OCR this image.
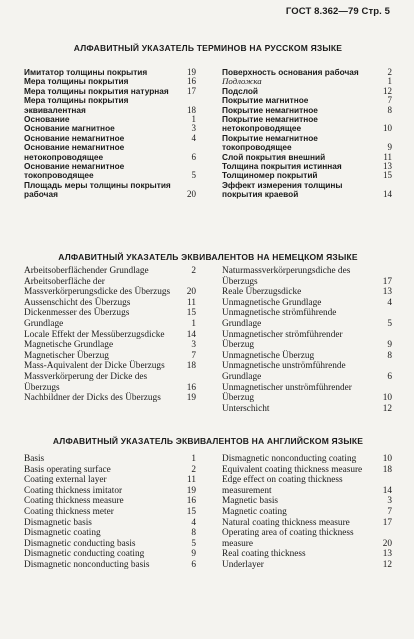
ГОСТ 8.362—79 Стр. 5
АЛФАВИТНЫЙ УКАЗАТЕЛЬ ТЕРМИНОВ НА РУССКОМ ЯЗЫКЕ
Имитатор толщины покрытия	19
Мера толщины покрытия	16
Мера толщины покрытия натурная	17
Мера толщины покрытия эквивалентная	18
Основание	1
Основание магнитное	3
Основание немагнитное	4
Основание немагнитное нетокопроводящее	6
Основание немагнитное токопроводящее	5
Площадь меры толщины покрытия рабочая	20
Поверхность основания рабочая	2
Подложка	1
Подслой	12
Покрытие магнитное	7
Покрытие немагнитное	8
Покрытие немагнитное нетокопроводящее	10
Покрытие немагнитное токопроводящее	9
Слой покрытия внешний	11
Толщина покрытия истинная	13
Толщиномер покрытий	15
Эффект измерения толщины покрытия краевой	14
АЛФАВИТНЫЙ УКАЗАТЕЛЬ ЭКВИВАЛЕНТОВ НА НЕМЕЦКОМ ЯЗЫКЕ
Arbeitsoberflächender Grundlage	2
Arbeitsoberfläche der Massverkörperungsdicke des Überzugs	20
Aussenschicht des Überzugs	11
Dickenmesser des Überzugs	15
Grundlage	1
Locale Effekt der Messüberzugsdicke	14
Magnetische Grundlage	3
Magnetischer Überzug	7
Mass-Aquivalent der Dicke Überzugs	18
Massverkörperung der Dicke des Überzugs	16
Nachbildner der Dicks des Überzugs	19
Naturmassverkörperungsdiche des Überzugs	17
Reale Überzugsdicke	13
Unmagnetische Grundlage	4
Unmagnetische strömführende Grundlage	5
Unmagnetischer strömführender Überzug	9
Unmagnetische Überzug	8
Unmagnetische unströmführende Grundlage	6
Unmagnetischer unströmführender Überzug	10
Unterschicht	12
АЛФАВИТНЫЙ УКАЗАТЕЛЬ ЭКВИВАЛЕНТОВ НА АНГЛИЙСКОМ ЯЗЫКЕ
Basis	1
Basis operating surface	2
Coating external layer	11
Coating thickness imitator	19
Coating thickness measure	16
Coating thickness meter	15
Dismagnetic basis	4
Dismagnetic coating	8
Dismagnetic conducting basis	5
Dismagnetic conducting coating	9
Dismagnetic nonconducting basis	6
Dismagnetic nonconducting coating	10
Equivalent coating thickness measure	18
Edge effect on coating thickness measurement	14
Magnetic basis	3
Magnetic coating	7
Natural coating thickness measure	17
Operating area of coating thickness measure	20
Real coating thickness	13
Underlayer	12
